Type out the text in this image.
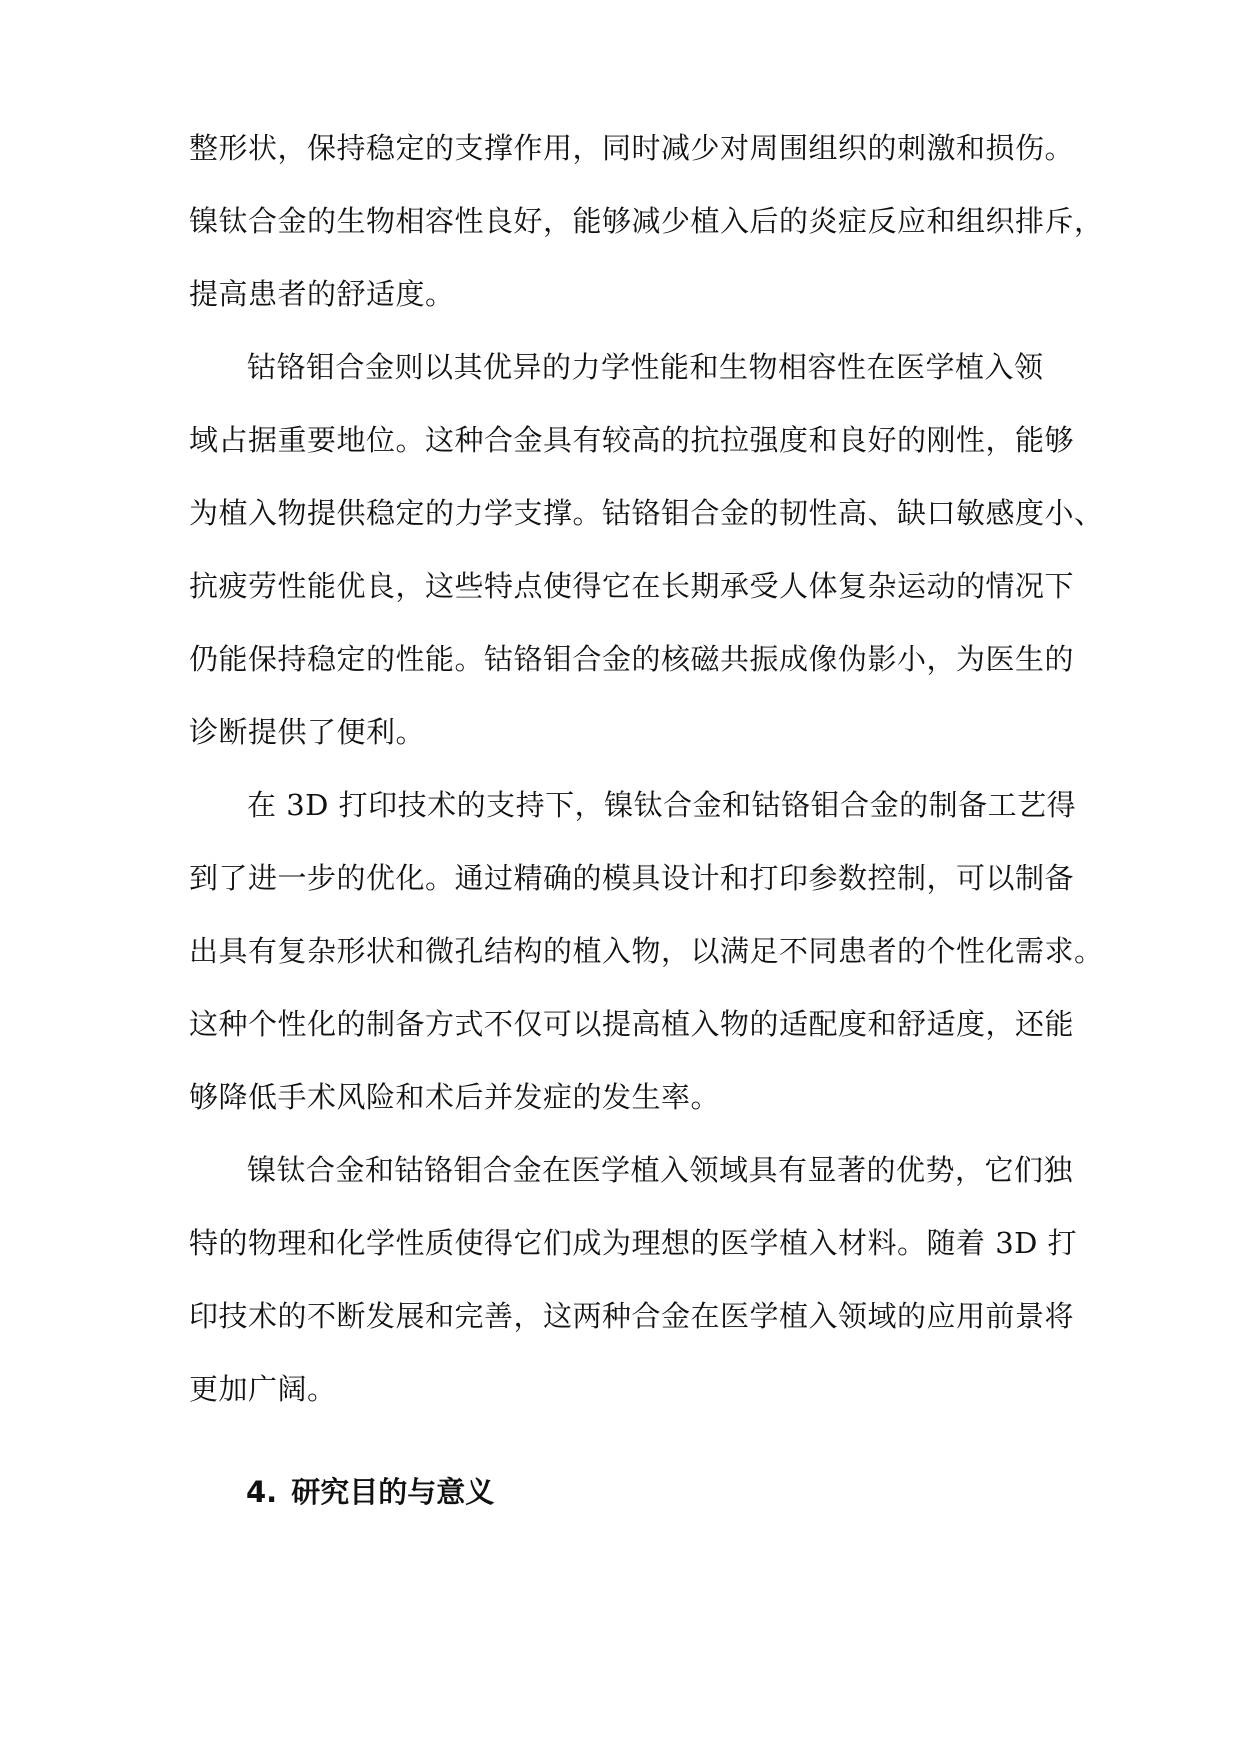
整形状，保持稳定的支撑作用，同时减少对周围组织的刺激和损伤。
镍钛合金的生物相容性良好，能够减少植入后的炎症反应和组织排斥，
提高患者的舒适度。
钴铬钼合金则以其优异的力学性能和生物相容性在医学植入领
域占据重要地位。这种合金具有较高的抗拉强度和良好的刚性，能够
为植入物提供稳定的力学支撑。钴铬钼合金的韧性高、缺口敏感度小、
抗疲劳性能优良，这些特点使得它在长期承受人体复杂运动的情况下
仍能保持稳定的性能。钴铬钼合金的核磁共振成像伪影小，为医生的
诊断提供了便利。
在 3D 打印技术的支持下，镍钛合金和钴铬钼合金的制备工艺得
到了进一步的优化。通过精确的模具设计和打印参数控制，可以制备
出具有复杂形状和微孔结构的植入物，以满足不同患者的个性化需求。
这种个性化的制备方式不仅可以提高植入物的适配度和舒适度，还能
够降低手术风险和术后并发症的发生率。
镍钛合金和钴铬钼合金在医学植入领域具有显著的优势，它们独
特的物理和化学性质使得它们成为理想的医学植入材料。随着 3D 打
印技术的不断发展和完善，这两种合金在医学植入领域的应用前景将
更加广阔。
4. 研究目的与意义
